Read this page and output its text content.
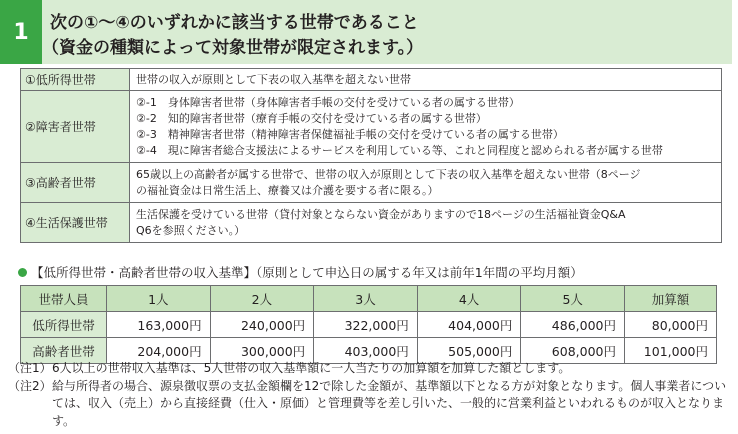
1	次の①～④のいずれかに該当する世帯であること
（資金の種類によって対象世帯が限定されます。）
①低所得世帯	世帯の収入が原則として下表の収入基準を超えない世帯

②障害者世帯	②-1　身体障害者世帯（身体障害者手帳の交付を受けている者の属する世帯）
②-2　知的障害者世帯（療育手帳の交付を受けている者の属する世帯）
②-3　精神障害者世帯（精神障害者保健福祉手帳の交付を受けている者の属する世帯）
②-4　現に障害者総合支援法によるサービスを利用している等、これと同程度と認められる者が属する世帯

③高齢者世帯	65歳以上の高齢者が属する世帯で、世帯の収入が原則として下表の収入基準を超えない世帯（8ページ
の福祉資金は日常生活上、療養又は介護を要する者に限る。）

④生活保護世帯	生活保護を受けている世帯（貸付対象とならない資金がありますので18ページの生活福祉資金Q&A
Q6を参照ください。）
【低所得世帯・高齢者世帯の収入基準】（原則として申込日の属する年又は前年1年間の平均月額）
世帯人員	1人	2人	3人	4人	5人	加算額
低所得世帯	163,000円	240,000円	322,000円	404,000円	486,000円	80,000円
高齢者世帯	204,000円	300,000円	403,000円	505,000円	608,000円	101,000円
（注1） 6人以上の世帯収入基準は、5人世帯の収入基準額に一人当たりの加算額を加算した額とします。
（注2） 給与所得者の場合、源泉徴収票の支払金額欄を12で除した金額が、基準額以下となる方が対象となります。個人事業者については、収入（売上）から直接経費（仕入・原価）と管理費等を差し引いた、一般的に営業利益といわれるものが収入となります。
